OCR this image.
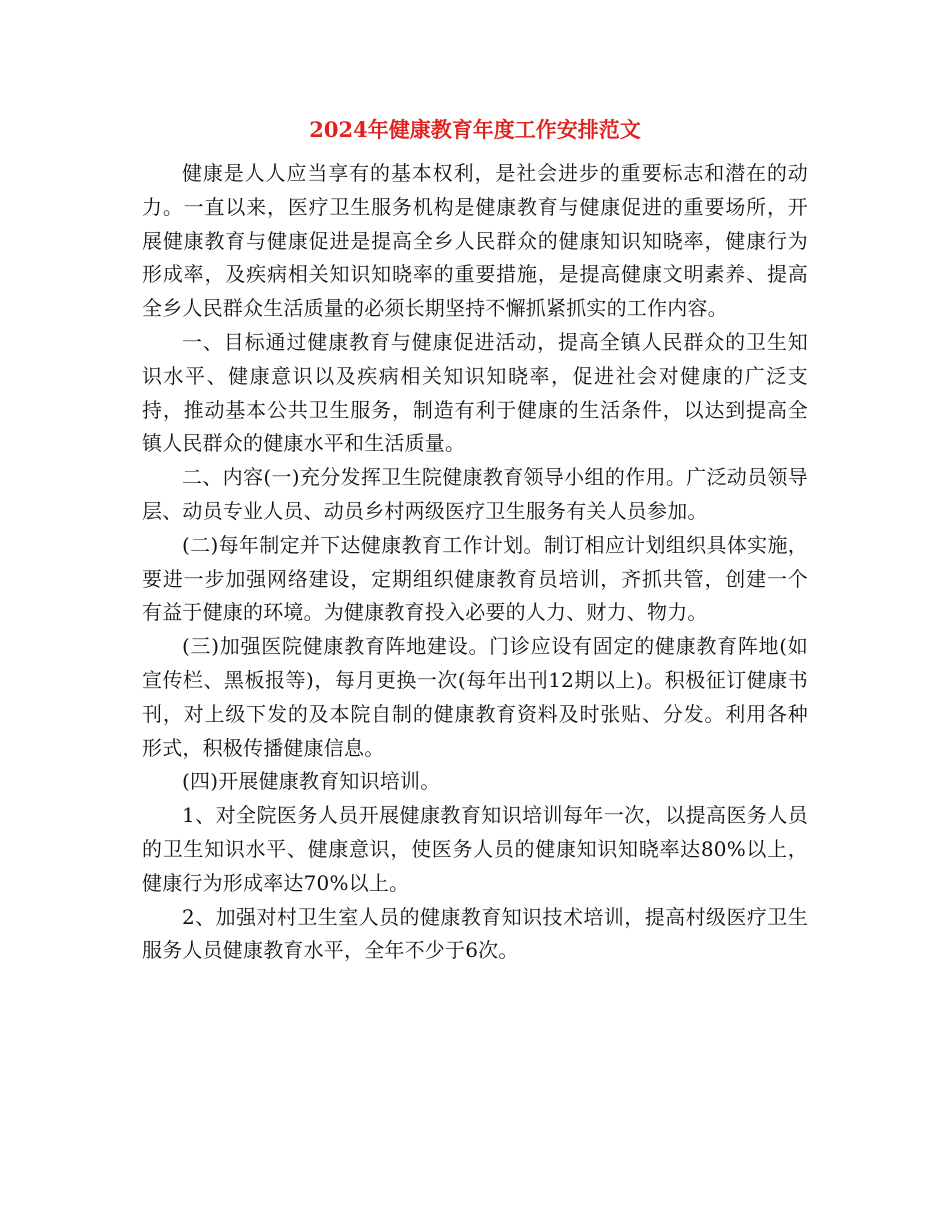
2024年健康教育年度工作安排范文

健康是人人应当享有的基本权利，是社会进步的重要标志和潜在的动力。一直以来，医疗卫生服务机构是健康教育与健康促进的重要场所，开展健康教育与健康促进是提高全乡人民群众的健康知识知晓率，健康行为形成率，及疾病相关知识知晓率的重要措施，是提高健康文明素养、提高全乡人民群众生活质量的必须长期坚持不懈抓紧抓实的工作内容。

一、目标通过健康教育与健康促进活动，提高全镇人民群众的卫生知识水平、健康意识以及疾病相关知识知晓率，促进社会对健康的广泛支持，推动基本公共卫生服务，制造有利于健康的生活条件，以达到提高全镇人民群众的健康水平和生活质量。

二、内容(一)充分发挥卫生院健康教育领导小组的作用。广泛动员领导层、动员专业人员、动员乡村两级医疗卫生服务有关人员参加。

(二)每年制定并下达健康教育工作计划。制订相应计划组织具体实施，要进一步加强网络建设，定期组织健康教育员培训，齐抓共管，创建一个有益于健康的环境。为健康教育投入必要的人力、财力、物力。

(三)加强医院健康教育阵地建设。门诊应设有固定的健康教育阵地(如宣传栏、黑板报等)，每月更换一次(每年出刊12期以上)。积极征订健康书刊，对上级下发的及本院自制的健康教育资料及时张贴、分发。利用各种形式，积极传播健康信息。

(四)开展健康教育知识培训。

1、对全院医务人员开展健康教育知识培训每年一次，以提高医务人员的卫生知识水平、健康意识，使医务人员的健康知识知晓率达80%以上，健康行为形成率达70%以上。

2、加强对村卫生室人员的健康教育知识技术培训，提高村级医疗卫生服务人员健康教育水平，全年不少于6次。
